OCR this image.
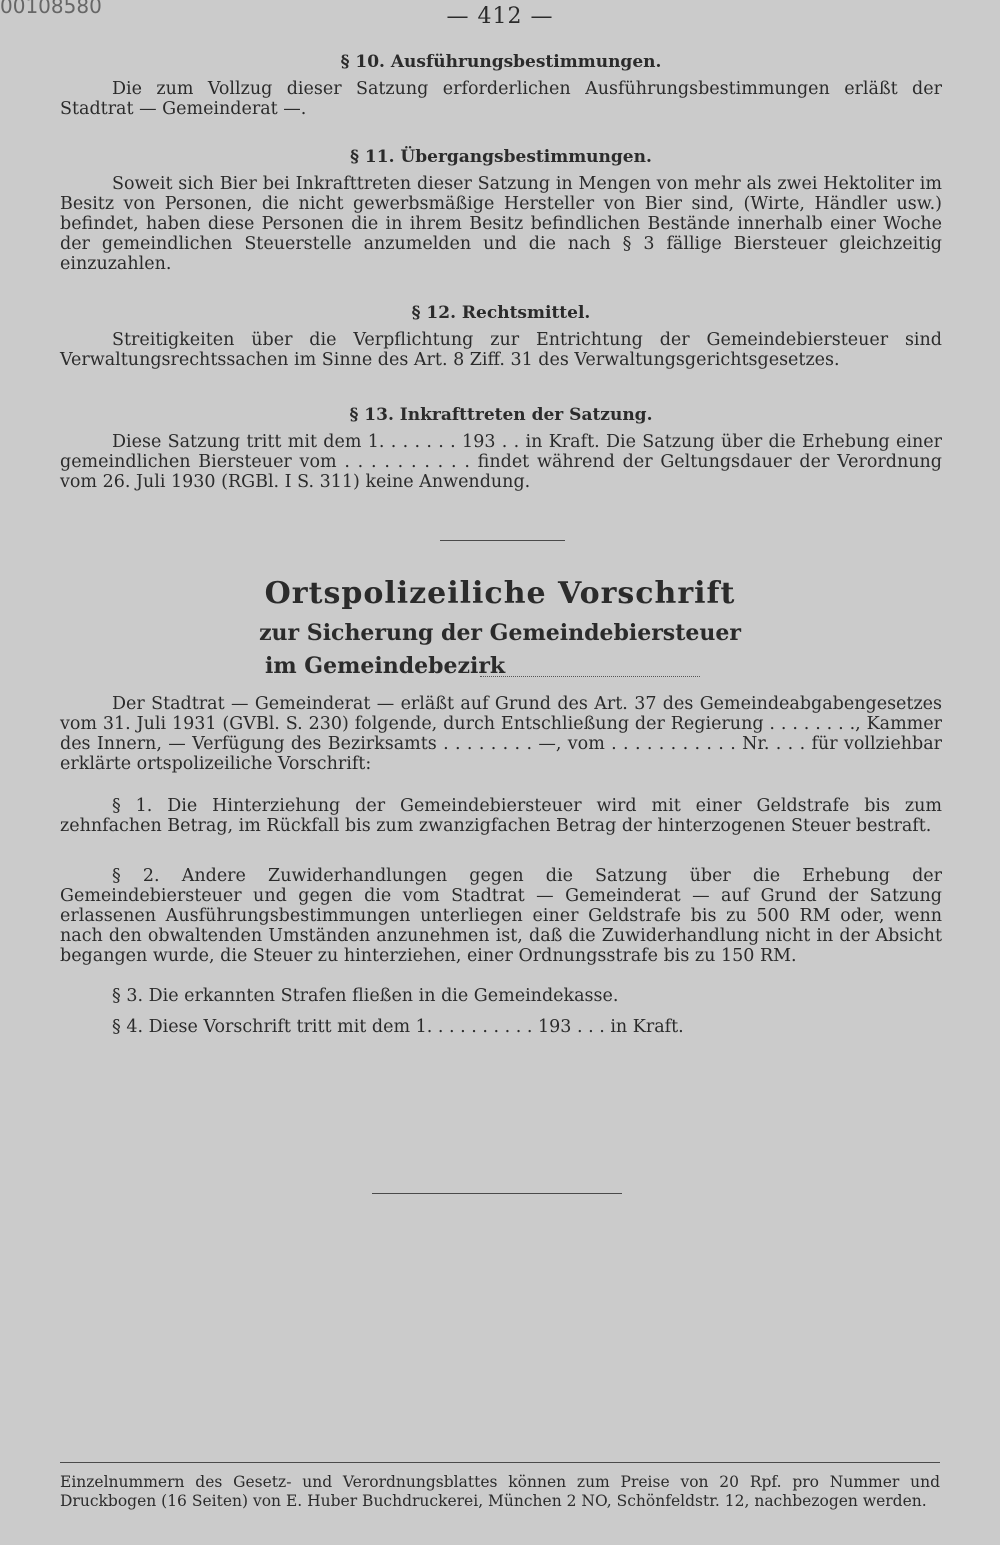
00108580	— 412 —

§ 10. Ausführungsbestimmungen.

Die zum Vollzug dieser Satzung erforderlichen Ausführungsbestimmungen erläßt der Stadtrat — Gemeinderat —.

§ 11. Übergangsbestimmungen.

Soweit sich Bier bei Inkrafttreten dieser Satzung in Mengen von mehr als zwei Hektoliter im Besitz von Personen, die nicht gewerbsmäßige Hersteller von Bier sind, (Wirte, Händler usw.) befindet, haben diese Personen die in ihrem Besitz befindlichen Bestände innerhalb einer Woche der gemeindlichen Steuerstelle anzumelden und die nach § 3 fällige Biersteuer gleichzeitig einzuzahlen.

§ 12. Rechtsmittel.

Streitigkeiten über die Verpflichtung zur Entrichtung der Gemeindebiersteuer sind Verwaltungsrechtssachen im Sinne des Art. 8 Ziff. 31 des Verwaltungsgerichtsgesetzes.

§ 13. Inkrafttreten der Satzung.

Diese Satzung tritt mit dem 1. . . . . . . 193 . . in Kraft. Die Satzung über die Erhebung einer gemeindlichen Biersteuer vom . . . . . . . . . . findet während der Geltungsdauer der Verordnung vom 26. Juli 1930 (RGBl. I S. 311) keine Anwendung.

Ortspolizeiliche Vorschrift
zur Sicherung der Gemeindebiersteuer
im Gemeindebezirk

Der Stadtrat — Gemeinderat — erläßt auf Grund des Art. 37 des Gemeindeabgabengesetzes vom 31. Juli 1931 (GVBl. S. 230) folgende, durch Entschließung der Regierung . . . . . . . ., Kammer des Innern, — Verfügung des Bezirksamts . . . . . . . . —, vom . . . . . . . . . . . Nr. . . . für vollziehbar erklärte ortspolizeiliche Vorschrift:

§ 1. Die Hinterziehung der Gemeindebiersteuer wird mit einer Geldstrafe bis zum zehnfachen Betrag, im Rückfall bis zum zwanzigfachen Betrag der hinterzogenen Steuer bestraft.

§ 2. Andere Zuwiderhandlungen gegen die Satzung über die Erhebung der Gemeindebiersteuer und gegen die vom Stadtrat — Gemeinderat — auf Grund der Satzung erlassenen Ausführungsbestimmungen unterliegen einer Geldstrafe bis zu 500 RM oder, wenn nach den obwaltenden Umständen anzunehmen ist, daß die Zuwiderhandlung nicht in der Absicht begangen wurde, die Steuer zu hinterziehen, einer Ordnungsstrafe bis zu 150 RM.

§ 3. Die erkannten Strafen fließen in die Gemeindekasse.

§ 4. Diese Vorschrift tritt mit dem 1. . . . . . . . . . 193 . . . in Kraft.

Einzelnummern des Gesetz- und Verordnungsblattes können zum Preise von 20 Rpf. pro Nummer und Druckbogen (16 Seiten) von E. Huber Buchdruckerei, München 2 NO, Schönfeldstr. 12, nachbezogen werden.
